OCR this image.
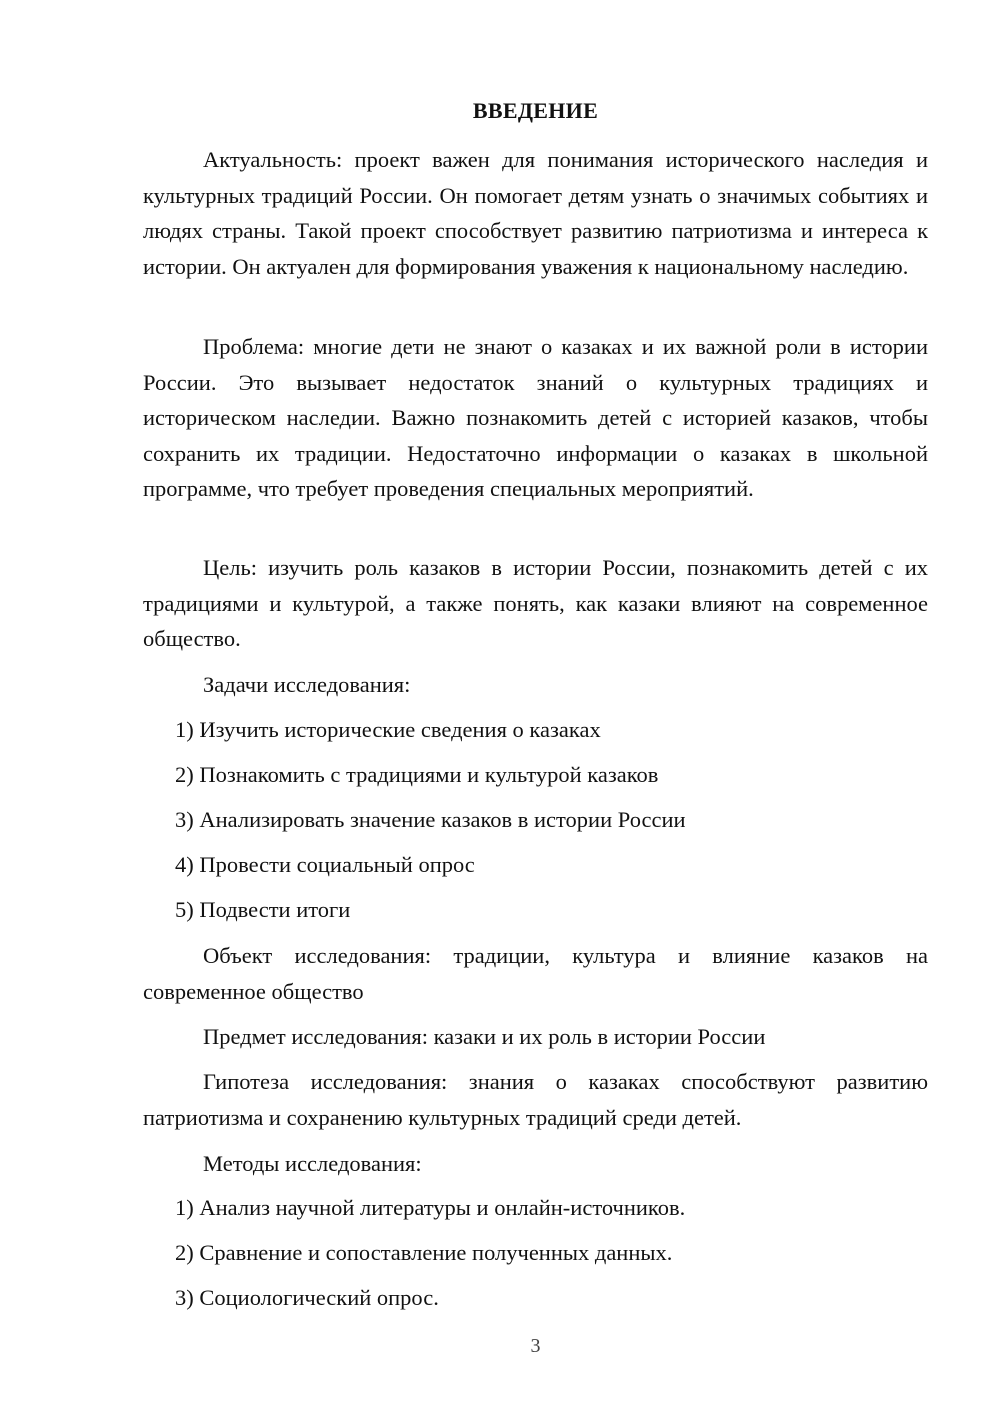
ВВЕДЕНИЕ

Актуальность: проект важен для понимания исторического наследия и культурных традиций России. Он помогает детям узнать о значимых событиях и людях страны. Такой проект способствует развитию патриотизма и интереса к истории. Он актуален для формирования уважения к национальному наследию.

Проблема: многие дети не знают о казаках и их важной роли в истории России. Это вызывает недостаток знаний о культурных традициях и историческом наследии. Важно познакомить детей с историей казаков, чтобы сохранить их традиции. Недостаточно информации о казаках в школьной программе, что требует проведения специальных мероприятий.

Цель: изучить роль казаков в истории России, познакомить детей с их традициями и культурой, а также понять, как казаки влияют на современное общество.

Задачи исследования:

1) Изучить исторические сведения о казаках

2) Познакомить с традициями и культурой казаков

3) Анализировать значение казаков в истории России

4) Провести социальный опрос

5) Подвести итоги

Объект исследования: традиции, культура и влияние казаков на современное общество

Предмет исследования: казаки и их роль в истории России

Гипотеза исследования: знания о казаках способствуют развитию патриотизма и сохранению культурных традиций среди детей.

Методы исследования:

1) Анализ научной литературы и онлайн-источников.

2) Сравнение и сопоставление полученных данных.

3) Социологический опрос.

3
